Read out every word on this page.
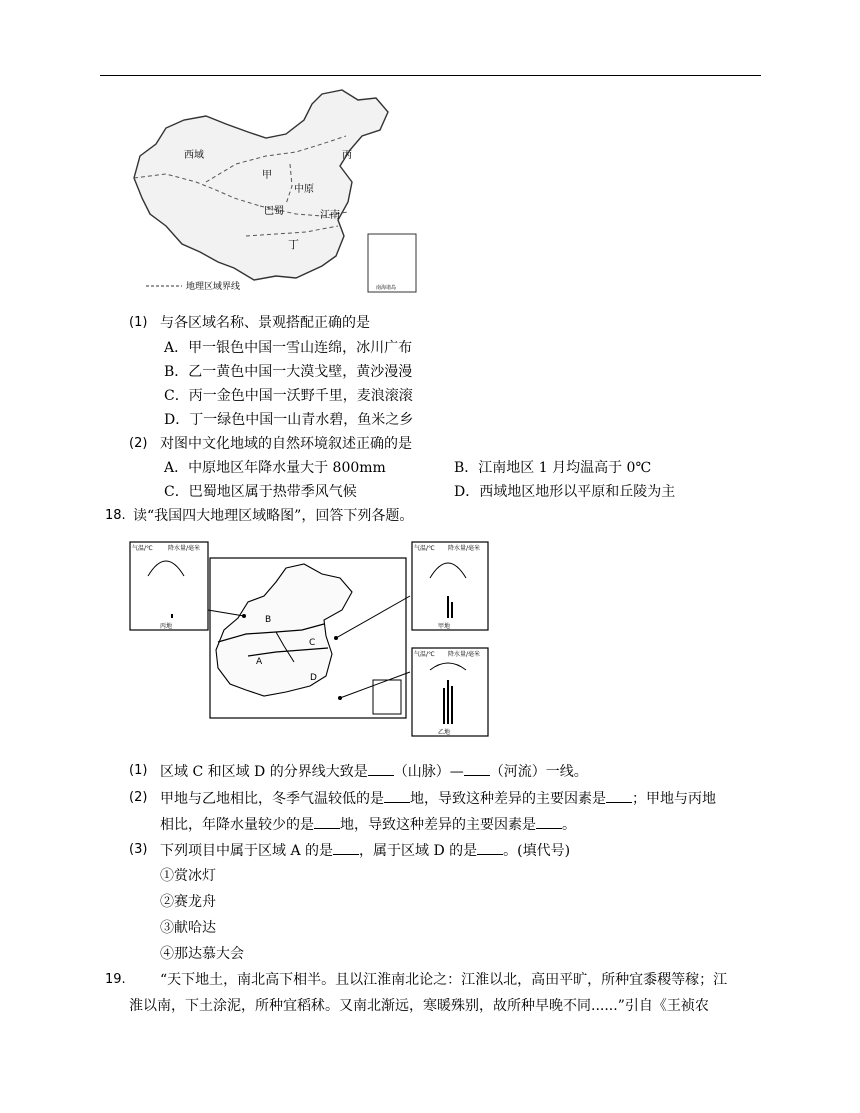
地理区域界线
西域	丙
甲
中原
巴蜀	江南
丁
南海诸岛
(1) 与各区域名称、景观搭配正确的是
A．甲一银色中国一雪山连绵，冰川广布
B．乙一黄色中国一大漠戈壁，黄沙漫漫
C．丙一金色中国一沃野千里，麦浪滚滚
D．丁一绿色中国一山青水碧，鱼米之乡
(2) 对图中文化地域的自然环境叙述正确的是
A．中原地区年降水量大于 800mm	B．江南地区 1 月均温高于 0℃
C．巴蜀地区属于热带季风气候	D．西域地区地形以平原和丘陵为主
18. 读“我国四大地理区域略图”，回答下列各题。
B
A
C
D
气温/℃	降水量/毫米
丙地
气温/℃ 降水量/毫米
甲地
气温/℃ 降水量/毫米
乙地
(1) 区域 C 和区域 D 的分界线大致是 （山脉）— （河流）一线。
(2) 甲地与乙地相比，冬季气温较低的是 地，导致这种差异的主要因素是 ；甲地与丙地
相比，年降水量较少的是 地，导致这种差异的主要因素是 。
(3) 下列项目中属于区域 A 的是 ，属于区域 D 的是 。(填代号)
①赏冰灯
②赛龙舟
③献哈达
④那达慕大会
19. “天下地土，南北高下相半。且以江淮南北论之：江淮以北，高田平旷，所种宜黍稷等稼；江
淮以南，下土涂泥，所种宜稻秫。又南北渐远，寒暖殊别，故所种早晚不同......”引自《王祯农
